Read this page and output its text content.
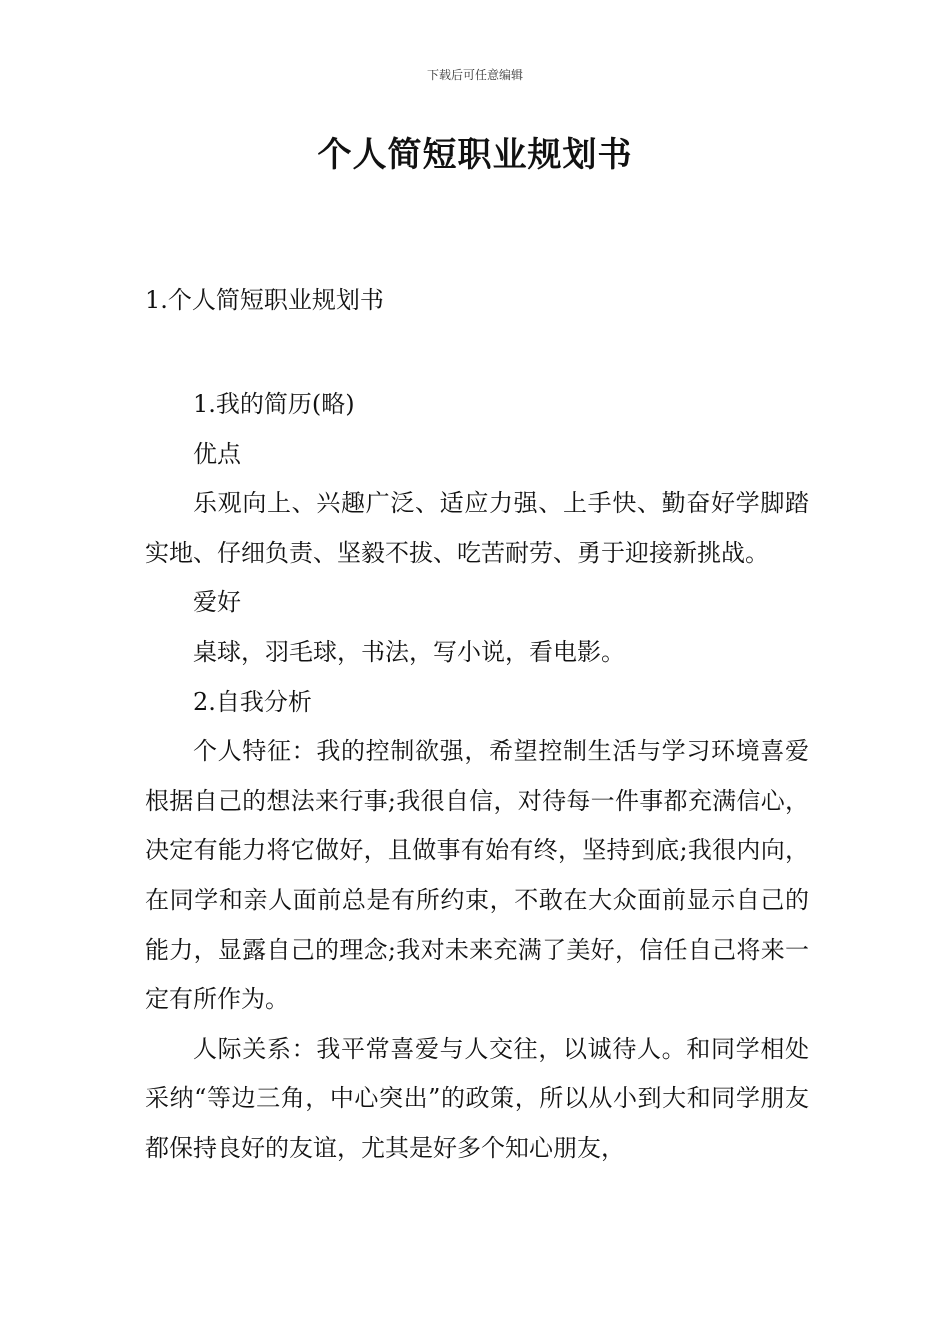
下载后可任意编辑
个人简短职业规划书
1.个人简短职业规划书

1.我的简历(略)

优点

乐观向上、兴趣广泛、适应力强、上手快、勤奋好学脚踏实地、仔细负责、坚毅不拔、吃苦耐劳、勇于迎接新挑战。

爱好

桌球，羽毛球，书法，写小说，看电影。

2.自我分析

个人特征：我的控制欲强，希望控制生活与学习环境喜爱根据自己的想法来行事;我很自信，对待每一件事都充满信心，决定有能力将它做好，且做事有始有终，坚持到底;我很内向，在同学和亲人面前总是有所约束，不敢在大众面前显示自己的能力，显露自己的理念;我对未来充满了美好，信任自己将来一定有所作为。

人际关系：我平常喜爱与人交往，以诚待人。和同学相处采纳“等边三角，中心突出”的政策，所以从小到大和同学朋友都保持良好的友谊，尤其是好多个知心朋友，
